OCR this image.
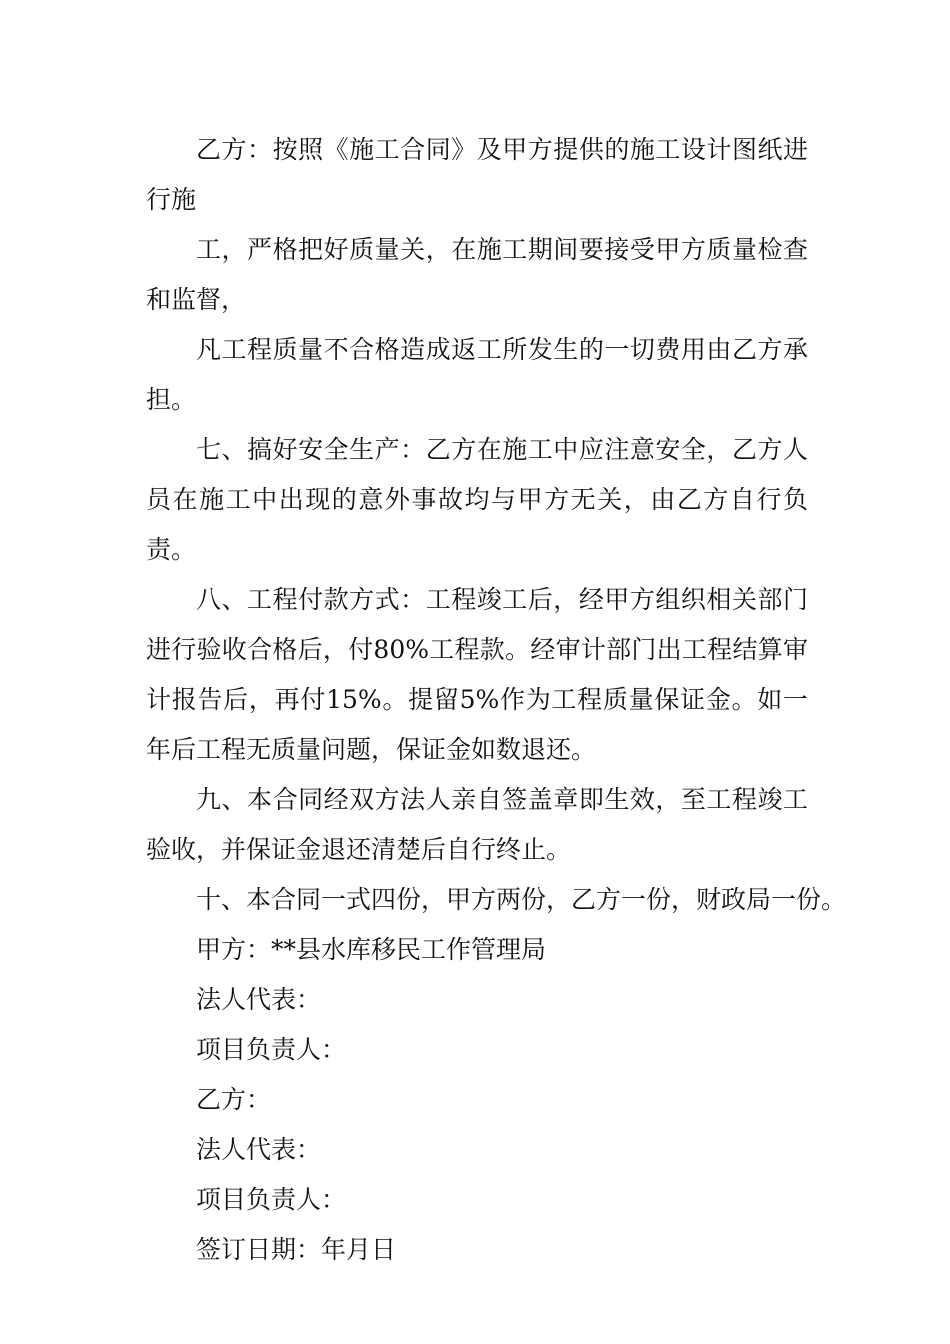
乙方：按照《施工合同》及甲方提供的施工设计图纸进行施

工，严格把好质量关，在施工期间要接受甲方质量检查和监督，

凡工程质量不合格造成返工所发生的一切费用由乙方承担。

七、搞好安全生产：乙方在施工中应注意安全，乙方人员在施工中出现的意外事故均与甲方无关，由乙方自行负责。

八、工程付款方式：工程竣工后，经甲方组织相关部门进行验收合格后，付80%工程款。经审计部门出工程结算审计报告后，再付15%。提留5%作为工程质量保证金。如一年后工程无质量问题，保证金如数退还。

九、本合同经双方法人亲自签盖章即生效，至工程竣工验收，并保证金退还清楚后自行终止。

十、本合同一式四份，甲方两份，乙方一份，财政局一份。

甲方：**县水库移民工作管理局

法人代表：

项目负责人：

乙方：

法人代表：

项目负责人：

签订日期：年月日
